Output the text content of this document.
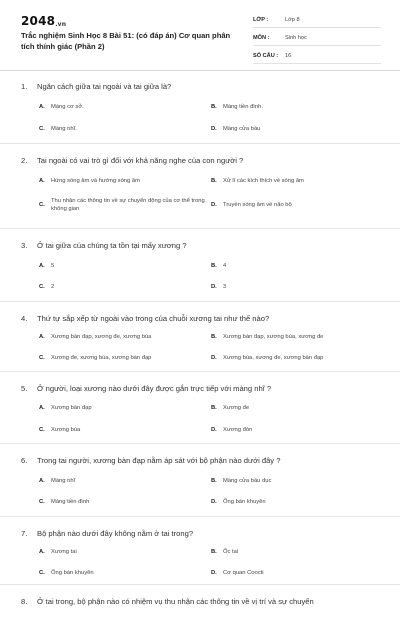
2048.vn
Trắc nghiệm Sinh Học 8 Bài 51: (có đáp án) Cơ quan phân tích thính giác (Phần 2)
LỚP :	Lớp 8
MÔN :	Sinh học
SỐ CÂU : 16
1. Ngăn cách giữa tai ngoài và tai giữa là?
A. Màng cơ sở.	B. Màng tiền đình.
C. Màng nhĩ.	D. Màng cửa bầu
2. Tai ngoài có vai trò gì đối với khả năng nghe của con người ?
A. Hứng sóng âm và hướng sóng âm	B. Xử lí các kích thích về sóng âm
C.
Thu nhận các thông tin về sự chuyển động của cơ thể trong không gian
D. Truyền sóng âm về não bộ
3. Ở tai giữa của chúng ta tồn tại mấy xương ?
A. 5	B. 4
C. 2	D. 3
4. Thứ tự sắp xếp từ ngoài vào trong của chuỗi xương tai như thế nào?
A. Xương bàn đạp, xương đe, xương búa	B. Xương bàn đạp, xương búa, xương đe
C. Xương đe, xương búa, xương bàn đạp	D. Xương búa, xương đe, xương bàn đạp
5. Ở người, loại xương nào dưới đây được gắn trực tiếp với màng nhĩ ?
A. Xương bàn đạp	B. Xương đe
C. Xương búa	D. Xương đòn
6. Trong tai người, xương bàn đạp nằm áp sát với bộ phận nào dưới đây ?
A. Màng nhĩ	B. Màng cửa bầu dục
C. Màng tiền đình	D. Ống bán khuyên
7. Bộ phận nào dưới đây không nằm ở tai trong?
A. Xương tai	B. Ốc tai
C. Ống bán khuyên	D. Cơ quan Coocti
8. Ở tai trong, bộ phận nào có nhiệm vụ thu nhận các thông tin về vị trí và sự chuyển
